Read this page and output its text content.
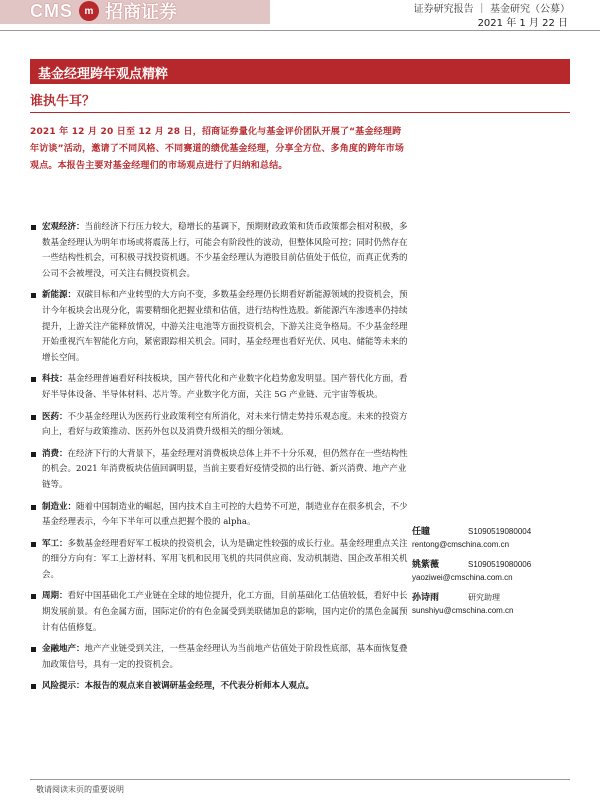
CMS	m 招商证券	证券研究报告 ｜ 基金研究（公募）
2021 年 1 月 22 日
基金经理跨年观点精粹
谁执牛耳？

2021 年 12 月 20 日至 12 月 28 日，招商证券量化与基金评价团队开展了“基金经理跨年访谈”活动，邀请了不同风格、不同赛道的绩优基金经理，分享全方位、多角度的跨年市场观点。本报告主要对基金经理们的市场观点进行了归纳和总结。

宏观经济：当前经济下行压力较大，稳增长的基调下，预期财政政策和货币政策都会相对积极，多数基金经理认为明年市场或将震荡上行，可能会有阶段性的波动，但整体风险可控；同时仍然存在一些结构性机会，可积极寻找投资机遇。不少基金经理认为港股目前估值处于低位，而真正优秀的公司不会被埋没，可关注右侧投资机会。
新能源：双碳目标和产业转型的大方向不变，多数基金经理仍长期看好新能源领域的投资机会，预计今年板块会出现分化，需要精细化把握业绩和估值，进行结构性选股。新能源汽车渗透率仍持续提升，上游关注产能释放情况，中游关注电池等方面投资机会，下游关注竞争格局。不少基金经理开始重视汽车智能化方向，紧密跟踪相关机会。同时，基金经理也看好光伏、风电、储能等未来的增长空间。
科技：基金经理普遍看好科技板块，国产替代化和产业数字化趋势愈发明显。国产替代化方面，看好半导体设备、半导体材料、芯片等。产业数字化方面，关注 5G 产业链、元宇宙等板块。
医药：不少基金经理认为医药行业政策利空有所消化，对未来行情走势持乐观态度。未来的投资方向上，看好与政策推动、医药外包以及消费升级相关的细分领域。
消费：在经济下行的大背景下，基金经理对消费板块总体上并不十分乐观，但仍然存在一些结构性的机会。2021 年消费板块估值回调明显，当前主要看好疫情受损的出行链、新兴消费、地产产业链等。
制造业：随着中国制造业的崛起，国内技术自主可控的大趋势不可逆，制造业存在很多机会，不少基金经理表示，今年下半年可以重点把握个股的 alpha。
军工：多数基金经理看好军工板块的投资机会，认为是确定性较强的成长行业。基金经理重点关注的细分方向有：军工上游材料、军用飞机和民用飞机的共同供应商、发动机制造、国企改革相关机会。
周期：看好中国基础化工产业链在全球的地位提升，化工方面，目前基础化工估值较低，看好中长期发展前景。有色金属方面，国际定价的有色金属受到美联储加息的影响，国内定价的黑色金属预计有估值修复。
金融地产：地产产业链受到关注，一些基金经理认为当前地产估值处于阶段性底部，基本面恢复叠加政策信号，具有一定的投资机会。
风险提示：本报告的观点来自被调研基金经理，不代表分析师本人观点。
任瞳	S1090519080004
rentong@cmschina.com.cn
姚紫薇	S1090519080006
yaoziwei@cmschina.com.cn
孙诗雨	研究助理
sunshiyu@cmschina.com.cn
敬请阅读末页的重要说明
